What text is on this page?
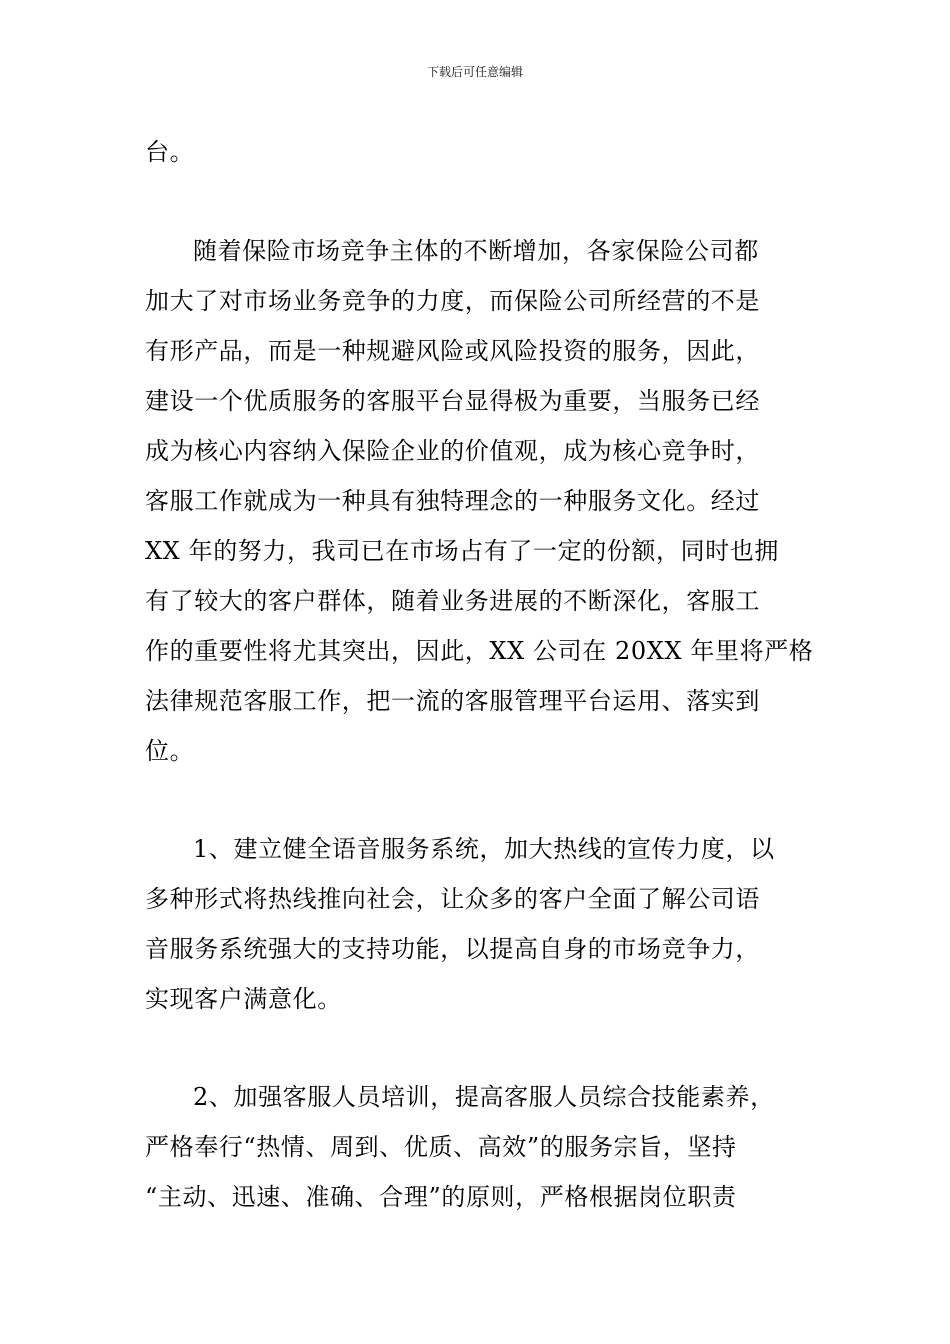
下载后可任意编辑
台。
随着保险市场竞争主体的不断增加，各家保险公司都
加大了对市场业务竞争的力度，而保险公司所经营的不是
有形产品，而是一种规避风险或风险投资的服务，因此，
建设一个优质服务的客服平台显得极为重要，当服务已经
成为核心内容纳入保险企业的价值观，成为核心竞争时，
客服工作就成为一种具有独特理念的一种服务文化。经过
XX 年的努力，我司已在市场占有了一定的份额，同时也拥
有了较大的客户群体，随着业务进展的不断深化，客服工
作的重要性将尤其突出，因此，XX 公司在 20XX 年里将严格
法律规范客服工作，把一流的客服管理平台运用、落实到
位。
1、建立健全语音服务系统，加大热线的宣传力度，以
多种形式将热线推向社会，让众多的客户全面了解公司语
音服务系统强大的支持功能，以提高自身的市场竞争力，
实现客户满意化。
2、加强客服人员培训，提高客服人员综合技能素养，
严格奉行“热情、周到、优质、高效”的服务宗旨，坚持
“主动、迅速、准确、合理”的原则，严格根据岗位职责
